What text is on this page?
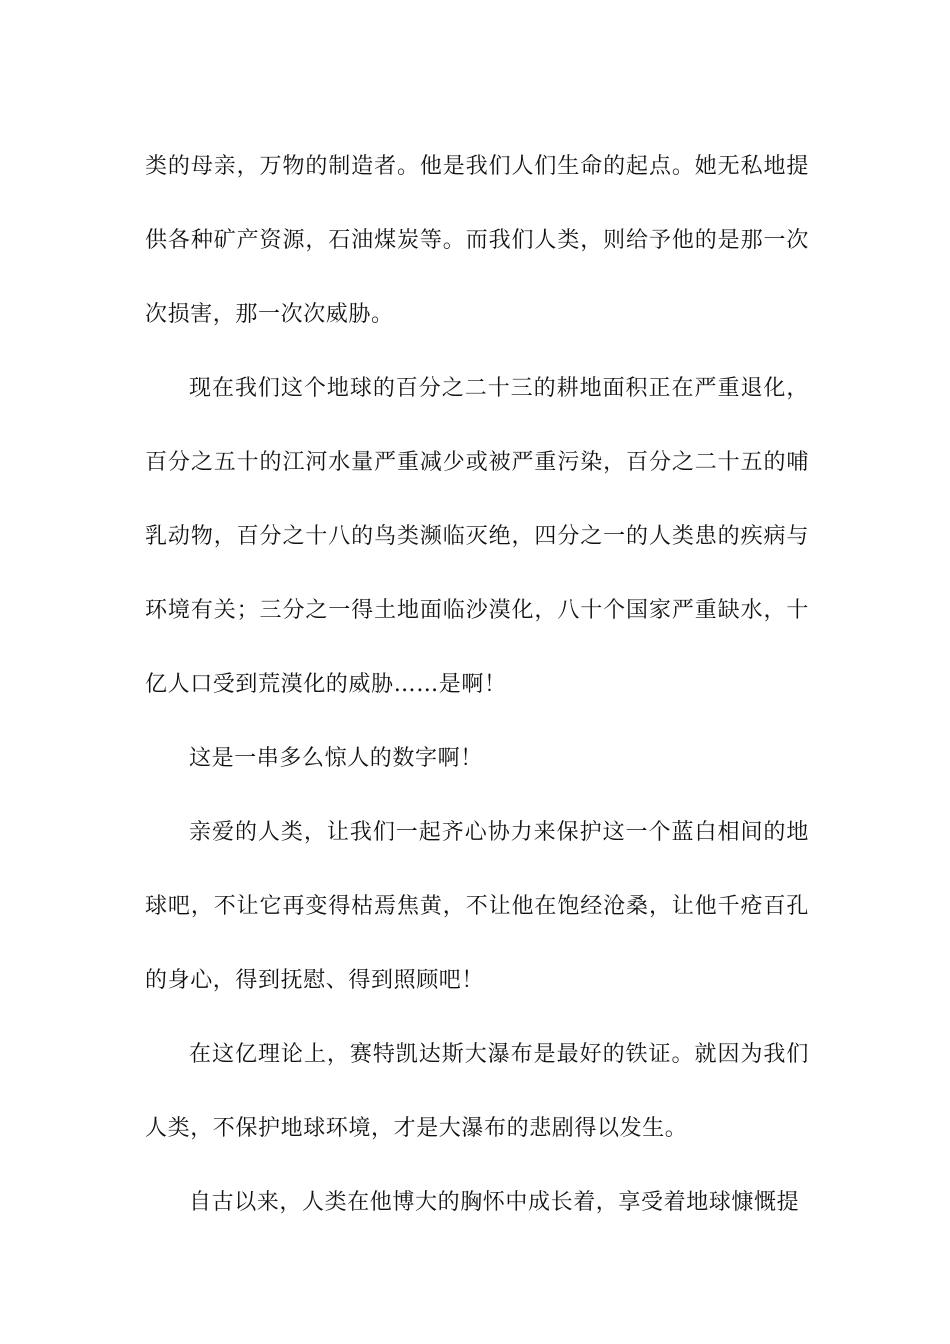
类的母亲，万物的制造者。他是我们人们生命的起点。她无私地提供各种矿产资源，石油煤炭等。而我们人类，则给予他的是那一次次损害，那一次次威胁。

现在我们这个地球的百分之二十三的耕地面积正在严重退化，百分之五十的江河水量严重减少或被严重污染，百分之二十五的哺乳动物，百分之十八的鸟类濒临灭绝，四分之一的人类患的疾病与环境有关；三分之一得土地面临沙漠化，八十个国家严重缺水，十亿人口受到荒漠化的威胁……是啊！

这是一串多么惊人的数字啊！

亲爱的人类，让我们一起齐心协力来保护这一个蓝白相间的地球吧，不让它再变得枯焉焦黄，不让他在饱经沧桑，让他千疮百孔的身心，得到抚慰、得到照顾吧！

在这亿理论上，赛特凯达斯大瀑布是最好的铁证。就因为我们人类，不保护地球环境，才是大瀑布的悲剧得以发生。

自古以来，人类在他博大的胸怀中成长着，享受着地球慷慨提
